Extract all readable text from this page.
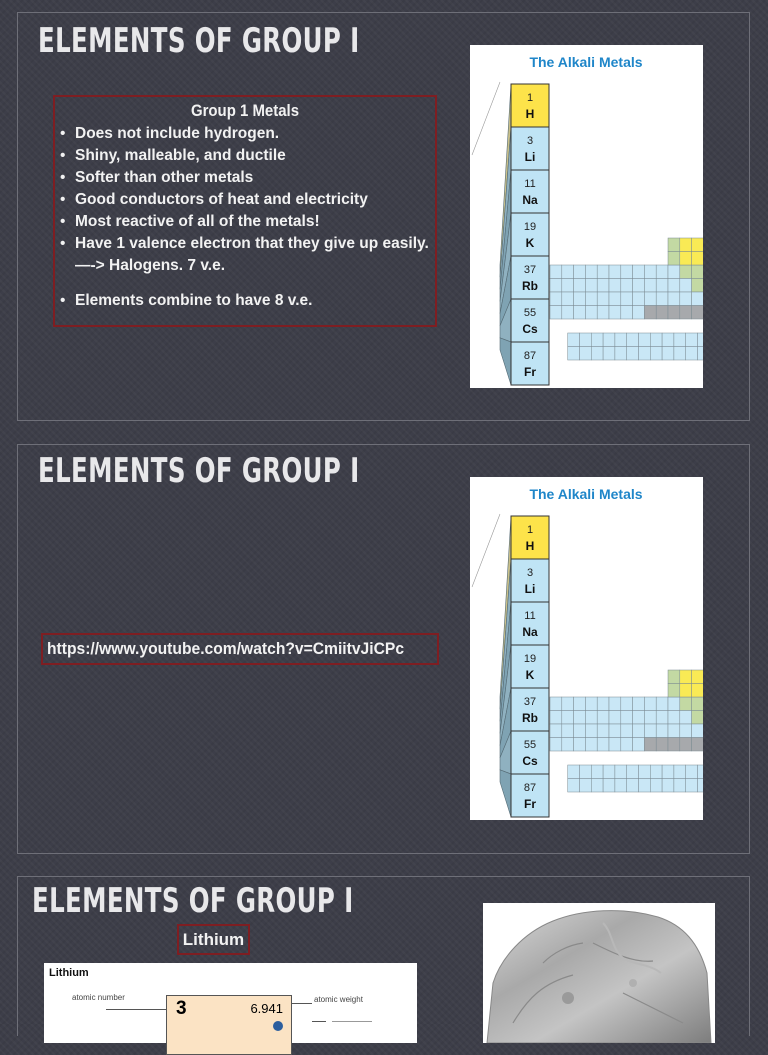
ELEMENTS OF GROUP I
Group 1 Metals
• Does not include hydrogen.
• Shiny, malleable, and ductile
• Softer than other metals
• Good conductors of heat and electricity
• Most reactive of all of the metals!
• Have 1 valence electron that they give up easily. —-> Halogens. 7 v.e.
• Elements combine to have 8 v.e.
The Alkali Metals
1
H
3
Li
11
Na
19
K
37
Rb
55
Cs
87
Fr
ELEMENTS OF GROUP I
https://www.youtube.com/watch?v=CmiitvJiCPc
The Alkali Metals
1
H
3
Li
11
Na
19
K
37
Rb
55
Cs
87
Fr
ELEMENTS OF GROUP I
Lithium
Lithium
atomic number
3	6.941
atomic weight
